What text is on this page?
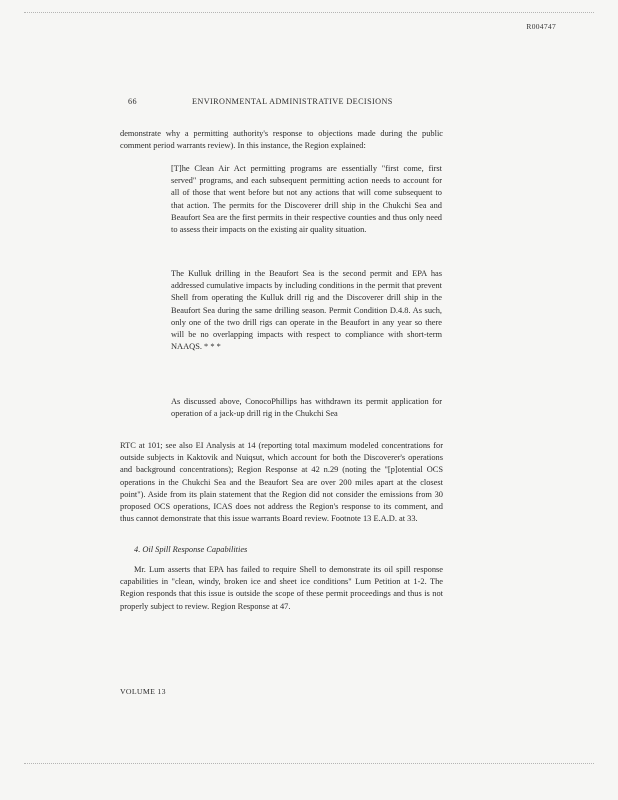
R004747
66	ENVIRONMENTAL ADMINISTRATIVE DECISIONS

demonstrate why a permitting authority's response to objections made during the public comment period warrants review). In this instance, the Region explained:

[T]he Clean Air Act permitting programs are essentially "first come, first served" programs, and each subsequent permitting action needs to account for all of those that went before but not any actions that will come subsequent to that action. The permits for the Discoverer drill ship in the Chukchi Sea and Beaufort Sea are the first permits in their respective counties and thus only need to assess their impacts on the existing air quality situation.

The Kulluk drilling in the Beaufort Sea is the second permit and EPA has addressed cumulative impacts by including conditions in the permit that prevent Shell from operating the Kulluk drill rig and the Discoverer drill ship in the Beaufort Sea during the same drilling season. Permit Condition D.4.8. As such, only one of the two drill rigs can operate in the Beaufort in any year so there will be no overlapping impacts with respect to compliance with short-term NAAQS. * * *

As discussed above, ConocoPhillips has withdrawn its permit application for operation of a jack-up drill rig in the Chukchi Sea

RTC at 101; see also EI Analysis at 14 (reporting total maximum modeled concentrations for outside subjects in Kaktovik and Nuiqsut, which account for both the Discoverer's operations and background concentrations); Region Response at 42 n.29 (noting the "[p]otential OCS operations in the Chukchi Sea and the Beaufort Sea are over 200 miles apart at the closest point"). Aside from its plain statement that the Region did not consider the emissions from 30 proposed OCS operations, ICAS does not address the Region's response to its comment, and thus cannot demonstrate that this issue warrants Board review. Footnote 13 E.A.D. at 33.

4. Oil Spill Response Capabilities

Mr. Lum asserts that EPA has failed to require Shell to demonstrate its oil spill response capabilities in "clean, windy, broken ice and sheet ice conditions" Lum Petition at 1-2. The Region responds that this issue is outside the scope of these permit proceedings and thus is not properly subject to review. Region Response at 47.

VOLUME 13
